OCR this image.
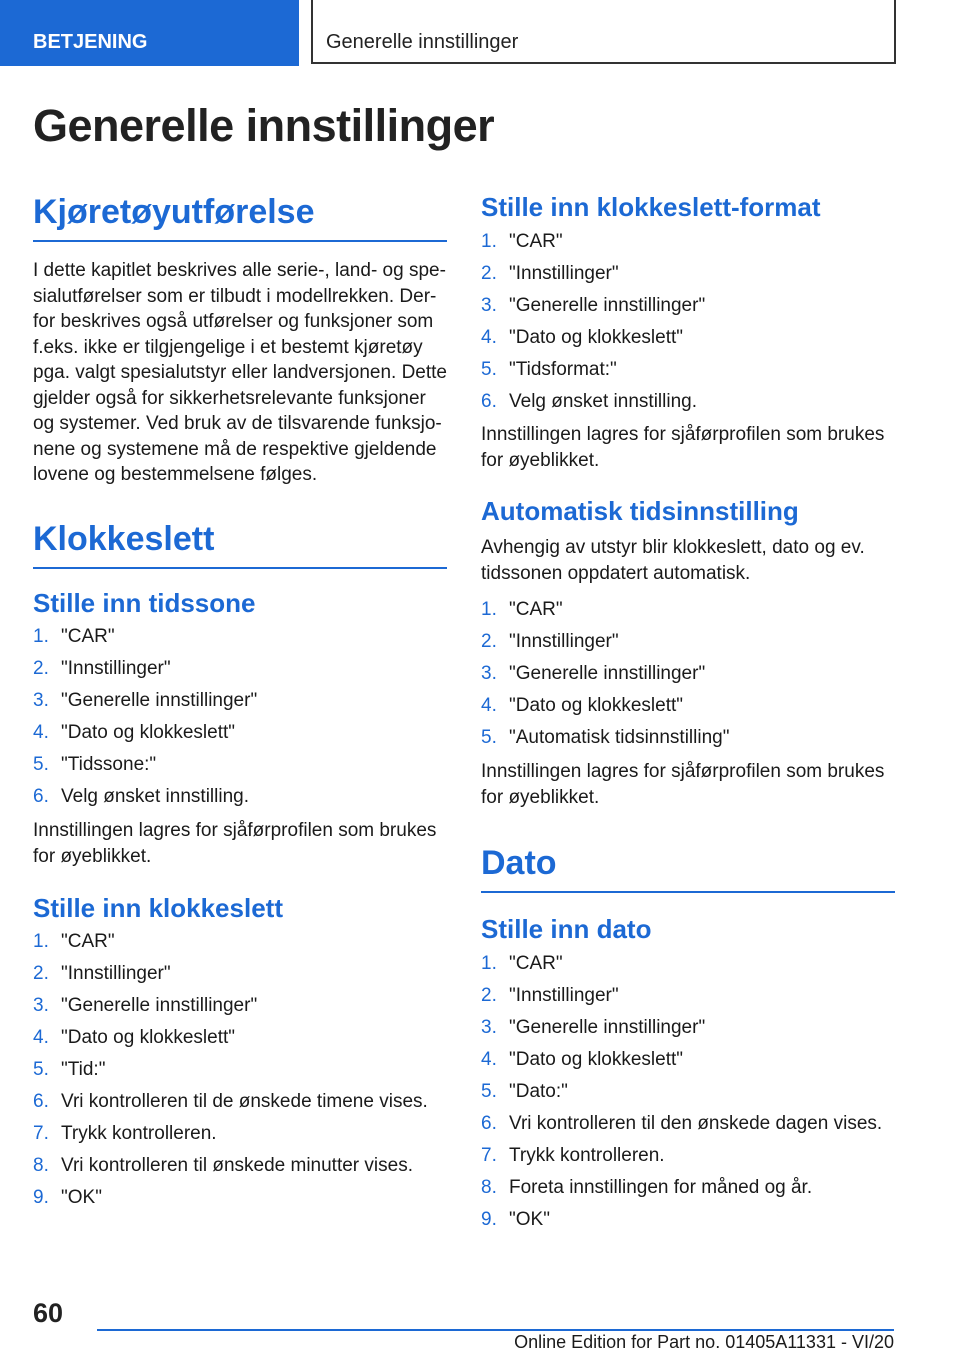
BETJENING	Generelle innstillinger
Generelle innstillinger
Kjøretøyutførelse

I dette kapitlet beskrives alle serie-, land- og spesialutførelser som er tilbudt i modellrekken. Derfor beskrives også utførelser og funksjoner som f.eks. ikke er tilgjengelige i et bestemt kjøretøy pga. valgt spesialutstyr eller landversjonen. Dette gjelder også for sikkerhetsrelevante funksjoner og systemer. Ved bruk av de tilsvarende funksjonene og systemene må de respektive gjeldende lovene og bestemmelsene følges.

Klokkeslett
Stille inn tidssone
1. "CAR"
2. "Innstillinger"
3. "Generelle innstillinger"
4. "Dato og klokkeslett"
5. "Tidssone:"
6. Velg ønsket innstilling.

Innstillingen lagres for sjåførprofilen som brukes for øyeblikket.

Stille inn klokkeslett
1. "CAR"
2. "Innstillinger"
3. "Generelle innstillinger"
4. "Dato og klokkeslett"
5. "Tid:"
6. Vri kontrolleren til de ønskede timene vises.
7. Trykk kontrolleren.
8. Vri kontrolleren til ønskede minutter vises.
9. "OK"
Stille inn klokkeslett-format
1. "CAR"
2. "Innstillinger"
3. "Generelle innstillinger"
4. "Dato og klokkeslett"
5. "Tidsformat:"
6. Velg ønsket innstilling.

Innstillingen lagres for sjåførprofilen som brukes for øyeblikket.

Automatisk tidsinnstilling

Avhengig av utstyr blir klokkeslett, dato og ev. tidssonen oppdatert automatisk.

1. "CAR"
2. "Innstillinger"
3. "Generelle innstillinger"
4. "Dato og klokkeslett"
5. "Automatisk tidsinnstilling"

Innstillingen lagres for sjåførprofilen som brukes for øyeblikket.

Dato
Stille inn dato
1. "CAR"
2. "Innstillinger"
3. "Generelle innstillinger"
4. "Dato og klokkeslett"
5. "Dato:"
6. Vri kontrolleren til den ønskede dagen vises.
7. Trykk kontrolleren.
8. Foreta innstillingen for måned og år.
9. "OK"
60
Online Edition for Part no. 01405A11331 - VI/20
